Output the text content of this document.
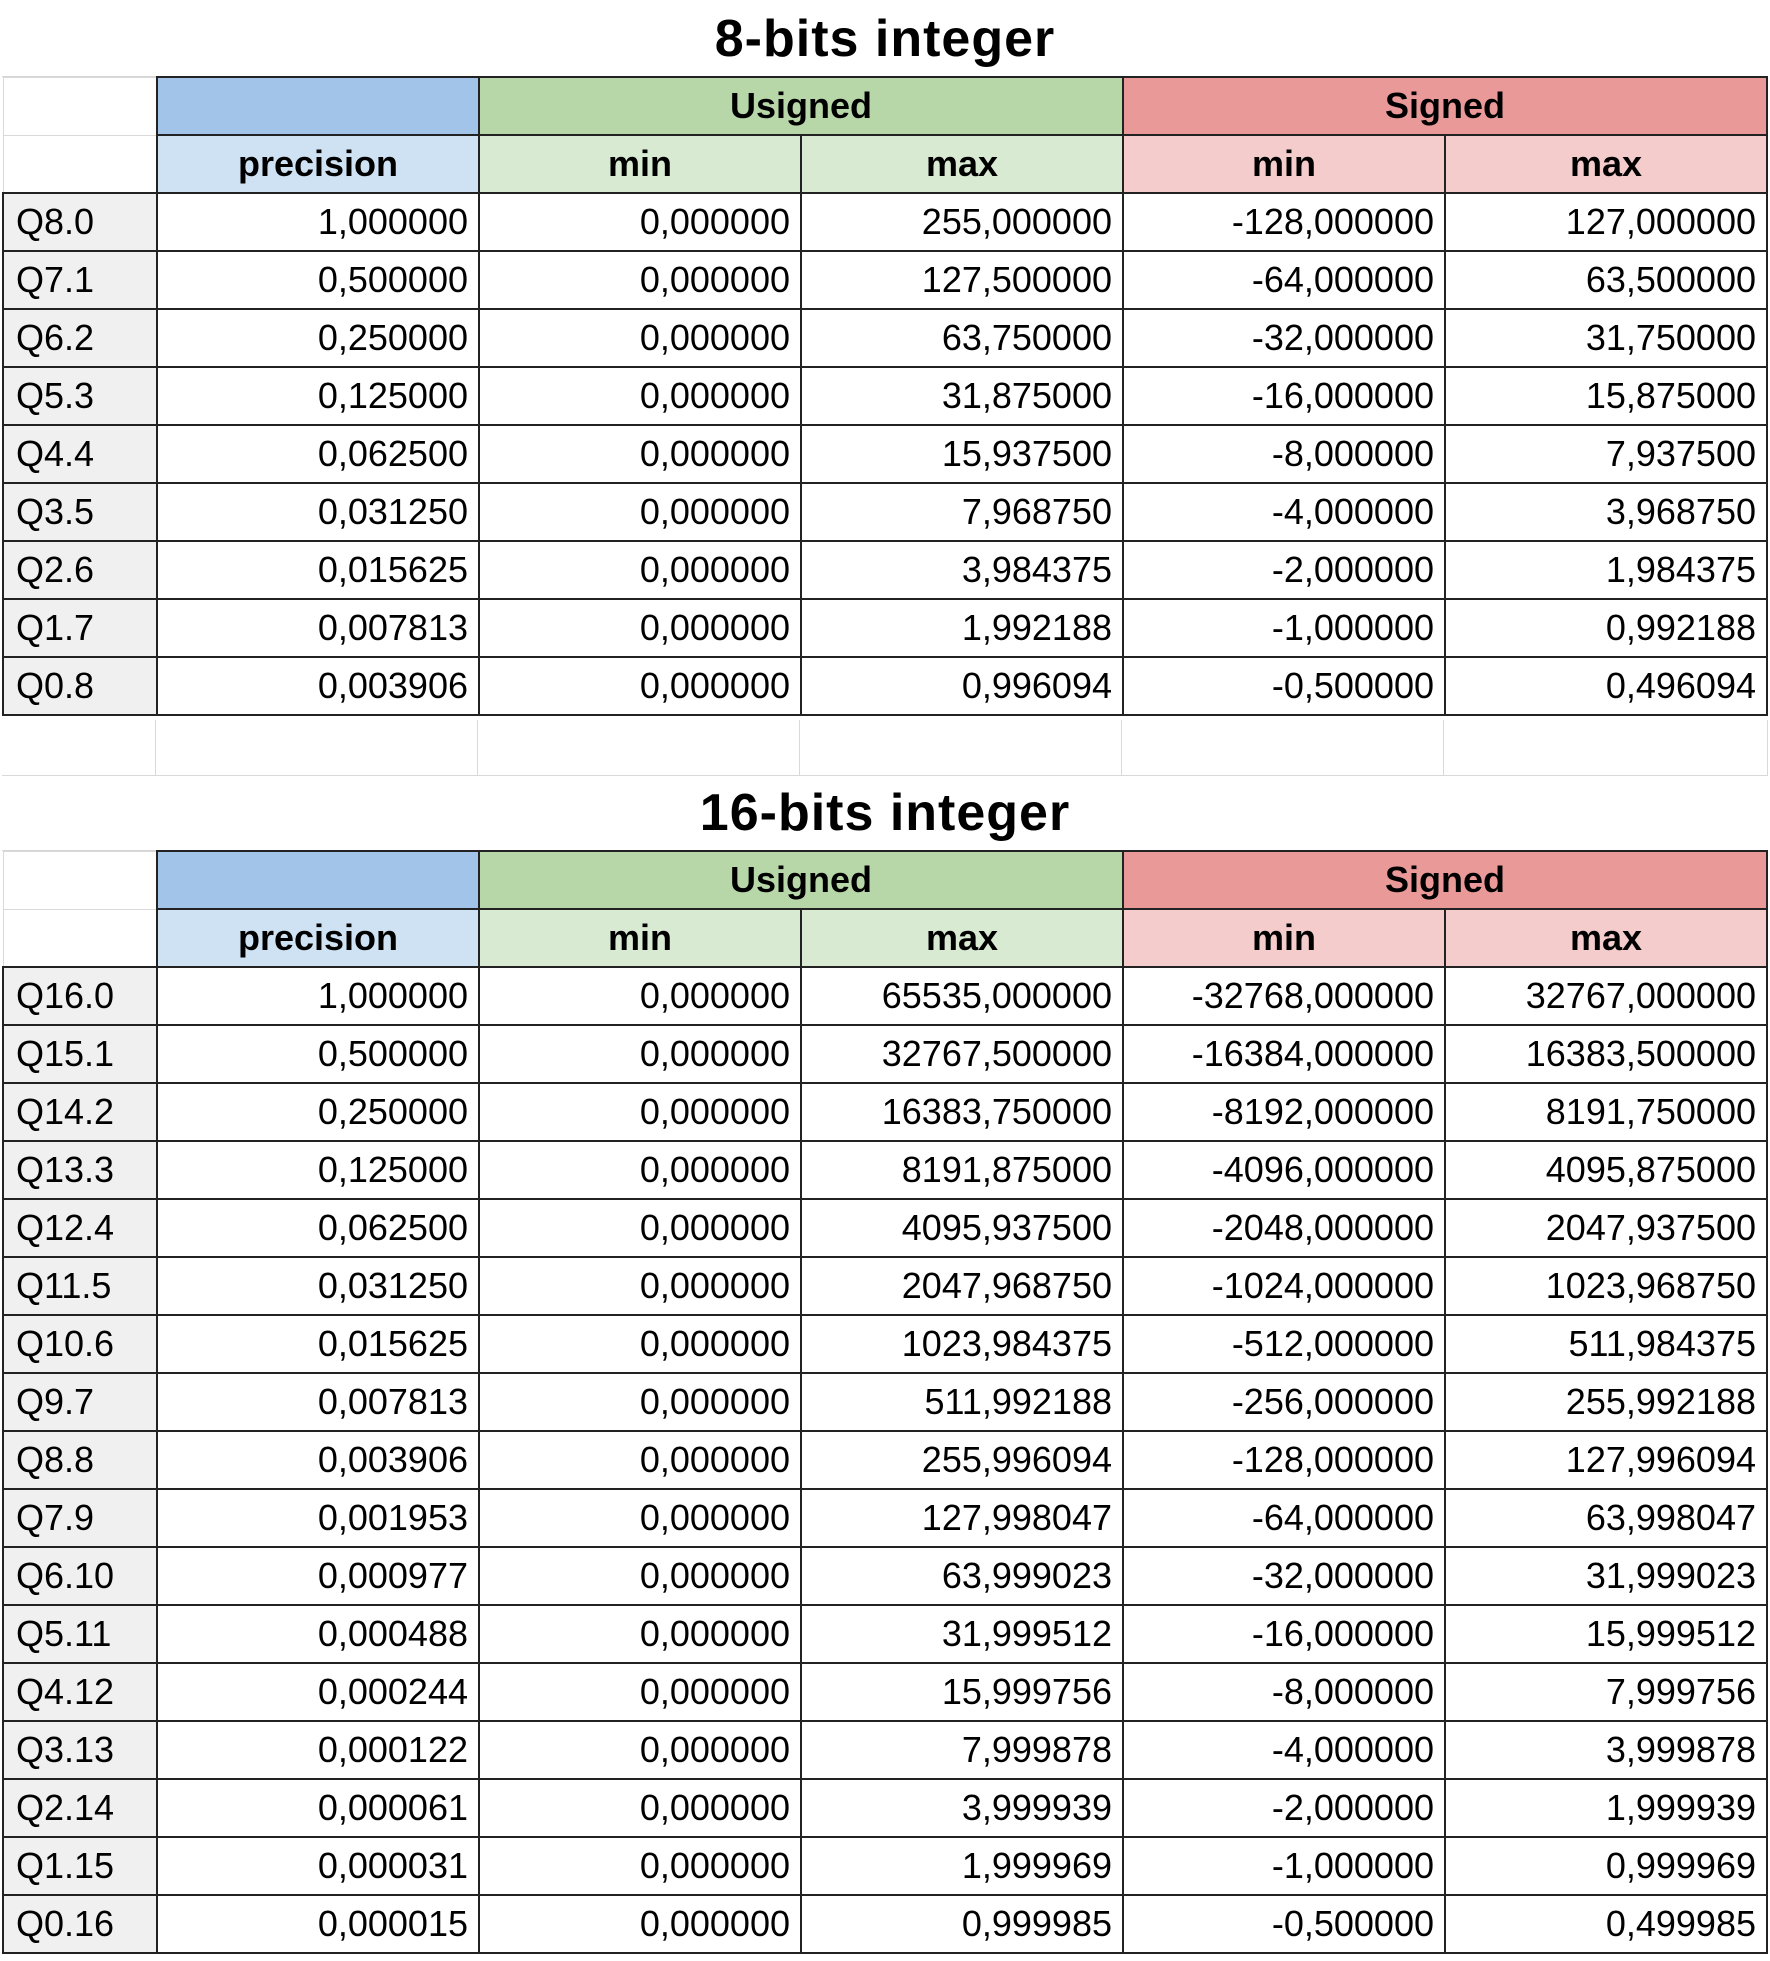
8-bits integer
		Usigned		Signed	
	precision	min	max	min	max
Q8.0	1,000000	0,000000	255,000000	-128,000000	127,000000
Q7.1	0,500000	0,000000	127,500000	-64,000000	63,500000
Q6.2	0,250000	0,000000	63,750000	-32,000000	31,750000
Q5.3	0,125000	0,000000	31,875000	-16,000000	15,875000
Q4.4	0,062500	0,000000	15,937500	-8,000000	7,937500
Q3.5	0,031250	0,000000	7,968750	-4,000000	3,968750
Q2.6	0,015625	0,000000	3,984375	-2,000000	1,984375
Q1.7	0,007813	0,000000	1,992188	-1,000000	0,992188
Q0.8	0,003906	0,000000	0,996094	-0,500000	0,496094
16-bits integer
		Usigned		Signed	
	precision	min	max	min	max
Q16.0	1,000000	0,000000	65535,000000	-32768,000000	32767,000000
Q15.1	0,500000	0,000000	32767,500000	-16384,000000	16383,500000
Q14.2	0,250000	0,000000	16383,750000	-8192,000000	8191,750000
Q13.3	0,125000	0,000000	8191,875000	-4096,000000	4095,875000
Q12.4	0,062500	0,000000	4095,937500	-2048,000000	2047,937500
Q11.5	0,031250	0,000000	2047,968750	-1024,000000	1023,968750
Q10.6	0,015625	0,000000	1023,984375	-512,000000	511,984375
Q9.7	0,007813	0,000000	511,992188	-256,000000	255,992188
Q8.8	0,003906	0,000000	255,996094	-128,000000	127,996094
Q7.9	0,001953	0,000000	127,998047	-64,000000	63,998047
Q6.10	0,000977	0,000000	63,999023	-32,000000	31,999023
Q5.11	0,000488	0,000000	31,999512	-16,000000	15,999512
Q4.12	0,000244	0,000000	15,999756	-8,000000	7,999756
Q3.13	0,000122	0,000000	7,999878	-4,000000	3,999878
Q2.14	0,000061	0,000000	3,999939	-2,000000	1,999939
Q1.15	0,000031	0,000000	1,999969	-1,000000	0,999969
Q0.16	0,000015	0,000000	0,999985	-0,500000	0,499985
